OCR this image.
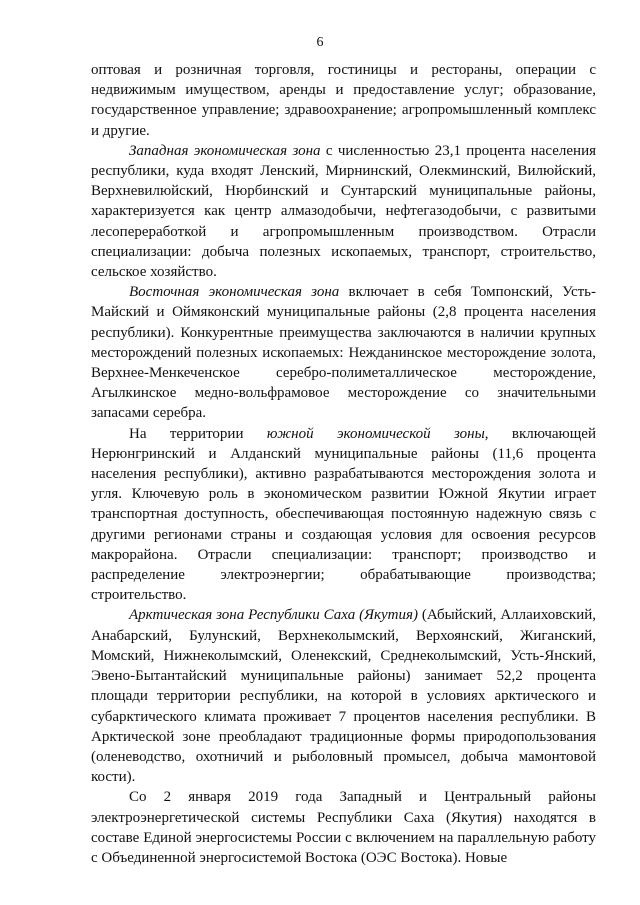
6

оптовая и розничная торговля, гостиницы и рестораны, операции с недвижимым имуществом, аренды и предоставление услуг; образование, государственное управление; здравоохранение; агропромышленный комплекс и другие.

Западная экономическая зона с численностью 23,1 процента населения республики, куда входят Ленский, Мирнинский, Олекминский, Вилюйский, Верхневилюйский, Нюрбинский и Сунтарский муниципальные районы, характеризуется как центр алмазодобычи, нефтегазодобычи, с развитыми лесопереработкой и агропромышленным производством. Отрасли специализации: добыча полезных ископаемых, транспорт, строительство, сельское хозяйство.

Восточная экономическая зона включает в себя Томпонский, Усть-Майский и Оймяконский муниципальные районы (2,8 процента населения республики). Конкурентные преимущества заключаются в наличии крупных месторождений полезных ископаемых: Нежданинское месторождение золота, Верхнее-Менкеченское серебро-полиметаллическое месторождение, Агылкинское медно-вольфрамовое месторождение со значительными запасами серебра.

На территории южной экономической зоны, включающей Нерюнгринский и Алданский муниципальные районы (11,6 процента населения республики), активно разрабатываются месторождения золота и угля. Ключевую роль в экономическом развитии Южной Якутии играет транспортная доступность, обеспечивающая постоянную надежную связь с другими регионами страны и создающая условия для освоения ресурсов макрорайона. Отрасли специализации: транспорт; производство и распределение электроэнергии; обрабатывающие производства; строительство.

Арктическая зона Республики Саха (Якутия) (Абыйский, Аллаиховский, Анабарский, Булунский, Верхнеколымский, Верхоянский, Жиганский, Момский, Нижнеколымский, Оленекский, Среднеколымский, Усть-Янский, Эвено-Бытантайский муниципальные районы) занимает 52,2 процента площади территории республики, на которой в условиях арктического и субарктического климата проживает 7 процентов населения республики. В Арктической зоне преобладают традиционные формы природопользования (оленеводство, охотничий и рыболовный промысел, добыча мамонтовой кости).

Со 2 января 2019 года Западный и Центральный районы электроэнергетической системы Республики Саха (Якутия) находятся в составе Единой энергосистемы России с включением на параллельную работу с Объединенной энергосистемой Востока (ОЭС Востока). Новые
